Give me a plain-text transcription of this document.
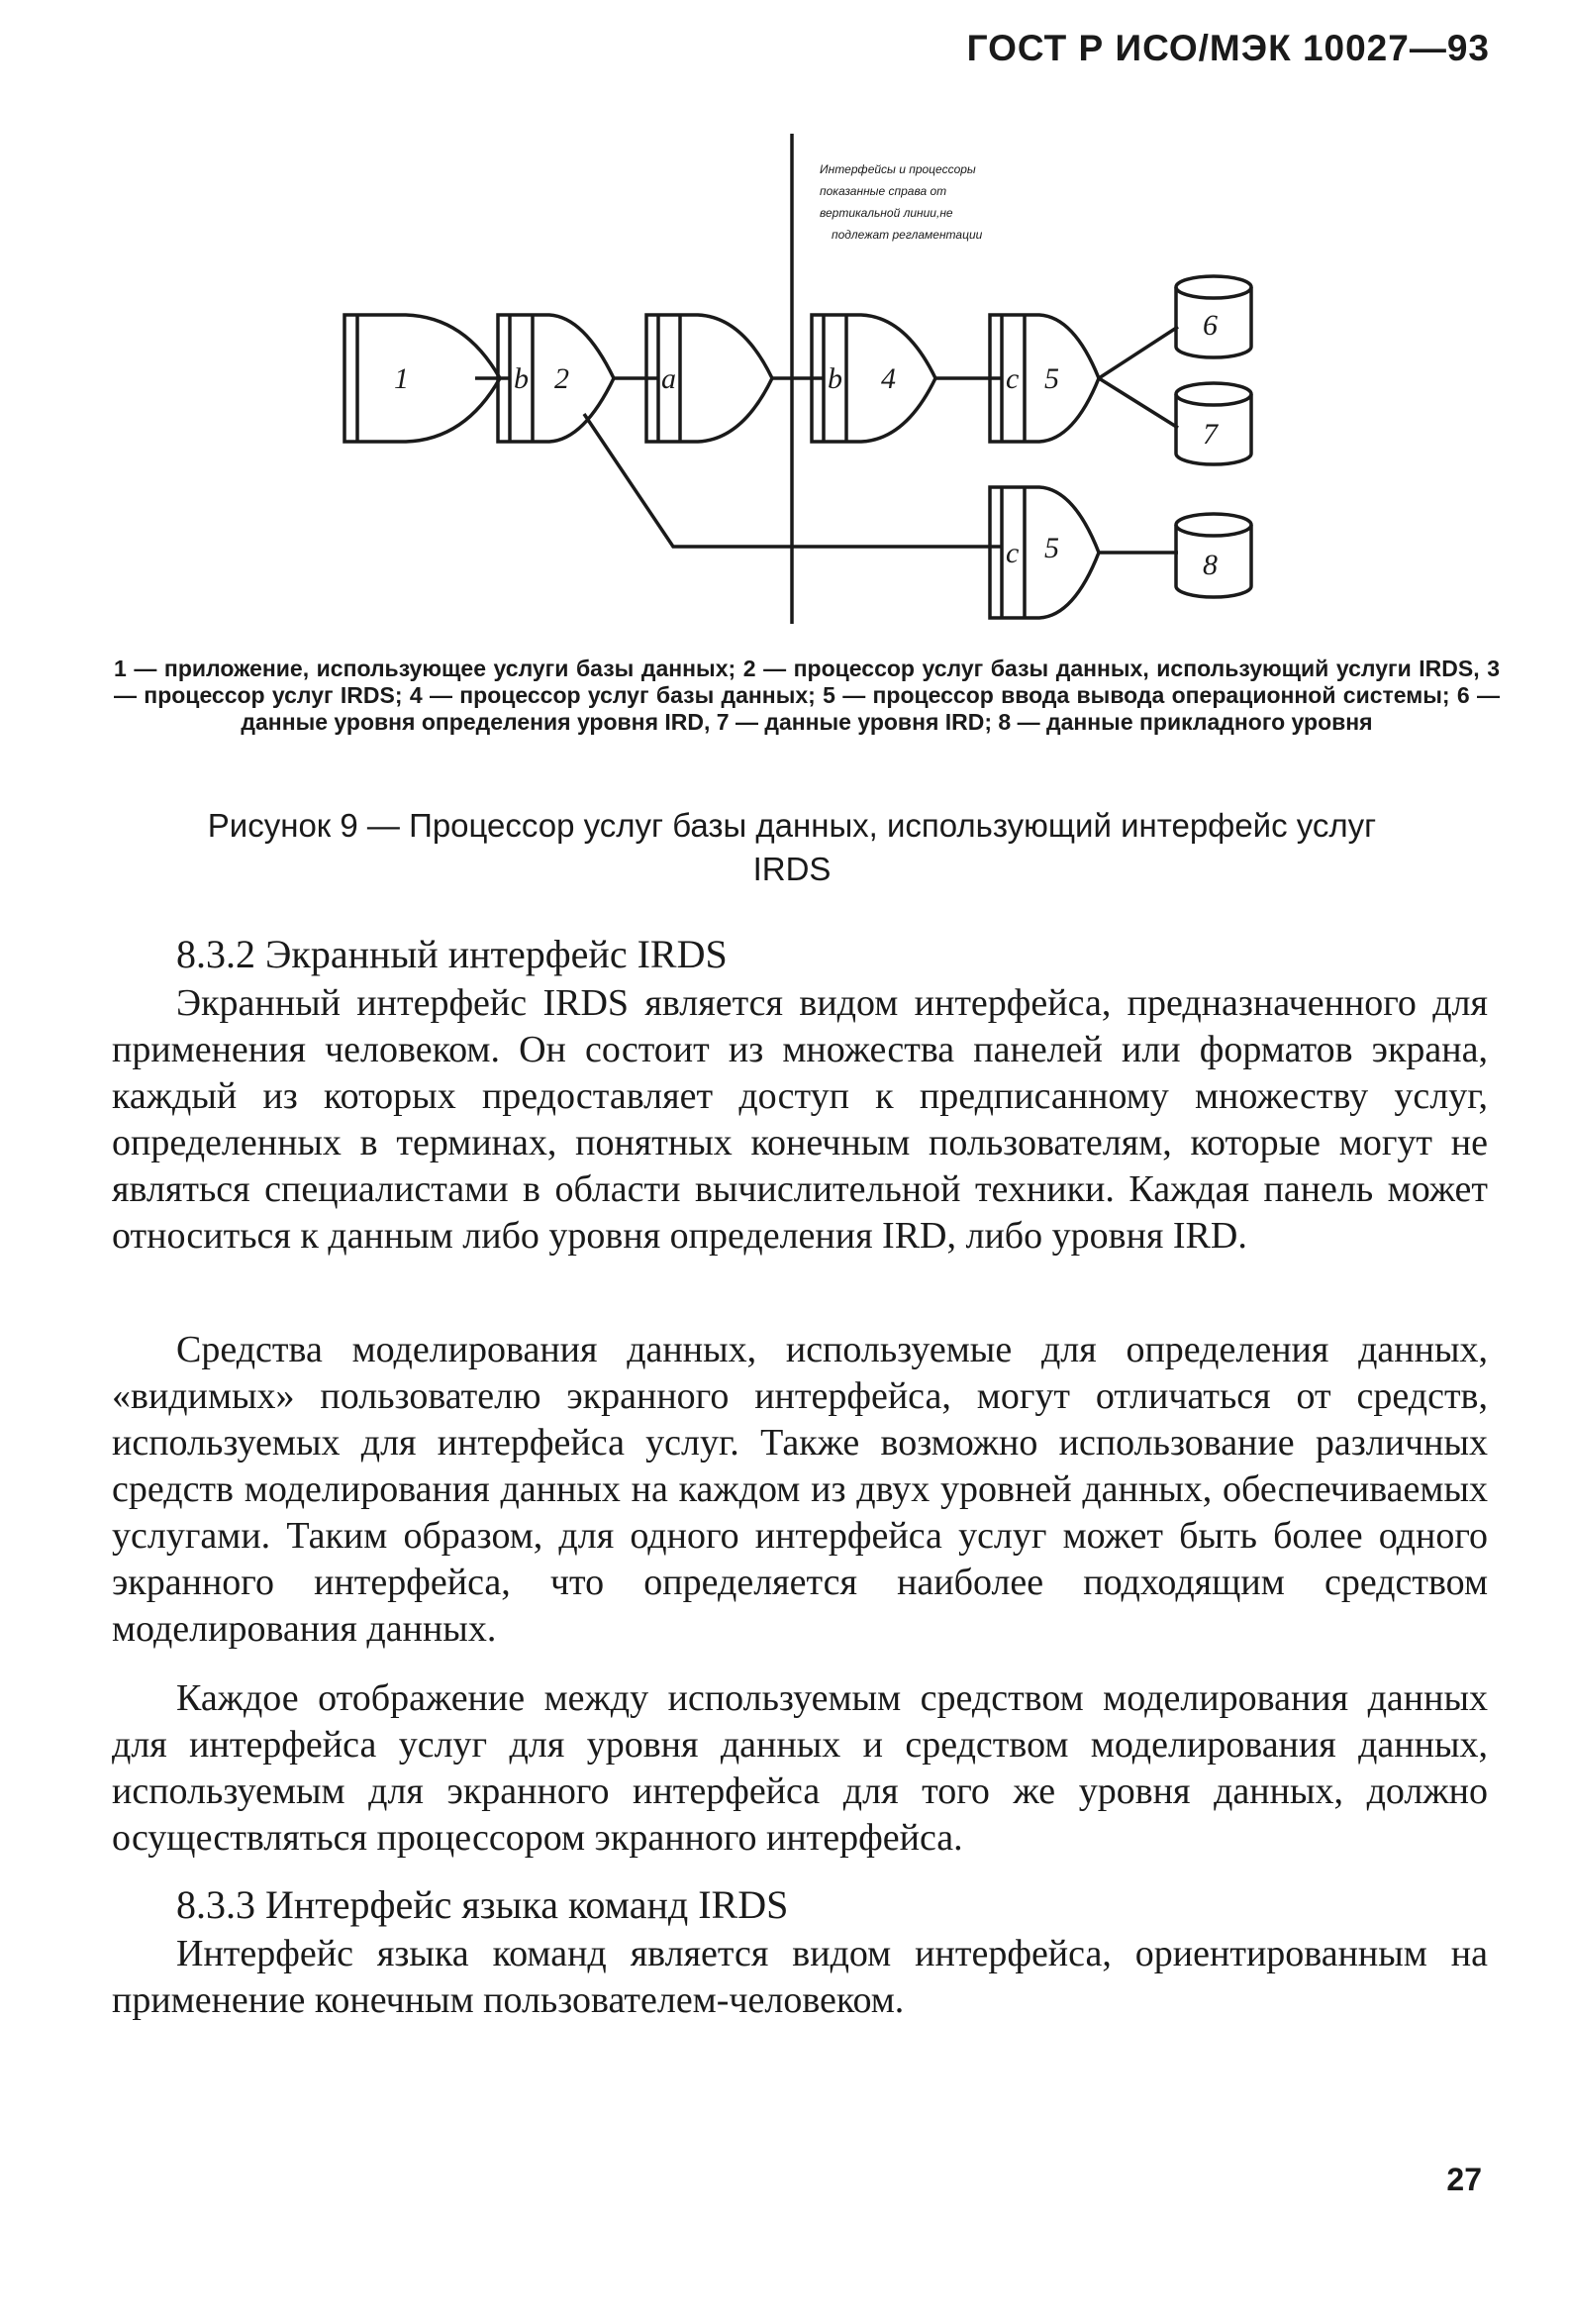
ГОСТ Р ИСО/МЭК 10027—93
1	b 2	a	b 4	c 5
6
7
c 5
8
Интерфейсы и процессоры
показанные справа от
вертикальной линии,не
подлежат регламентации
1 — приложение, использующее услуги базы данных; 2 — процессор услуг базы данных, использующий услуги IRDS, 3 — процессор услуг IRDS; 4 — процессор услуг базы данных; 5 — процессор ввода вывода операционной системы; 6 — данные уровня определения уровня IRD, 7 — данные уровня IRD; 8 — данные прикладного уровня
Рисунок 9 — Процессор услуг базы данных, использующий интерфейс услуг IRDS
8.3.2 Экранный интерфейс IRDS
Экранный интерфейс IRDS является видом интерфейса, предназначенного для применения человеком. Он состоит из множества панелей или форматов экрана, каждый из которых предоставляет доступ к предписанному множеству услуг, определенных в терминах, понятных конечным пользователям, которые могут не являться специалистами в области вычислительной техники. Каждая панель может относиться к данным либо уровня определения IRD, либо уровня IRD.
Средства моделирования данных, используемые для определения данных, «видимых» пользователю экранного интерфейса, могут отличаться от средств, используемых для интерфейса услуг. Также возможно использование различных средств моделирования данных на каждом из двух уровней данных, обеспечиваемых услугами. Таким образом, для одного интерфейса услуг может быть более одного экранного интерфейса, что определяется наиболее подходящим средством моделирования данных.
Каждое отображение между используемым средством моделирования данных для интерфейса услуг для уровня данных и средством моделирования данных, используемым для экранного интерфейса для того же уровня данных, должно осуществляться процессором экранного интерфейса.
8.3.3 Интерфейс языка команд IRDS
Интерфейс языка команд является видом интерфейса, ориентированным на применение конечным пользователем-человеком.
27
